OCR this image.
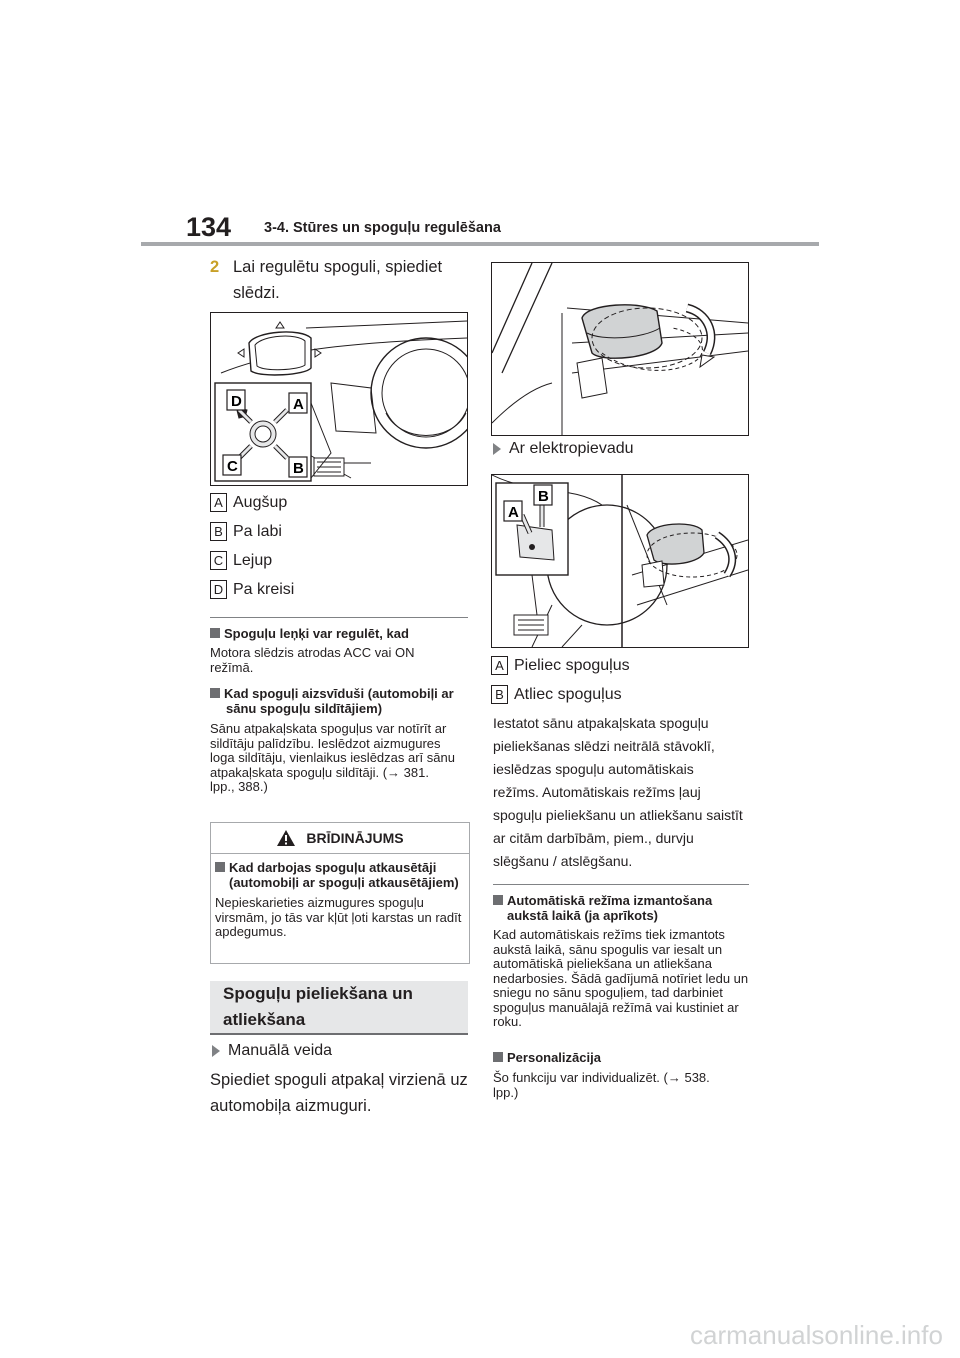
134 3-4. Stūres un spoguļu regulēšana
2 Lai regulētu spoguli, spiediet slēdzi.
D	A
C	B
A Augšup
B Pa labi
C Lejup
D Pa kreisi
Spoguļu leņķi var regulēt, kad
Motora slēdzis atrodas ACC vai ON režīmā.
Kad spoguļi aizsvīduši (automobiļi ar sānu spoguļu sildītājiem)
Sānu atpakaļskata spoguļus var notīrīt ar sildītāju palīdzību. Ieslēdzot aizmugures loga sildītāju, vienlaikus ieslēdzas arī sānu atpakaļskata spoguļu sildītāji. (→ 381. lpp., 388.)
BRĪDINĀJUMS
Kad darbojas spoguļu atkausētāji (automobiļi ar spoguļi atkausētājiem)
Nepieskarieties aizmugures spoguļu virsmām, jo tās var kļūt ļoti karstas un radīt apdegumus.
Spoguļu pieliekšana un atliekšana
Manuālā veida
Spiediet spoguli atpakaļ virzienā uz automobiļa aizmuguri.
Ar elektropievadu
A
B
A Pieliec spoguļus
B Atliec spoguļus
Iestatot sānu atpakaļskata spoguļu pieliekšanas slēdzi neitrālā stāvoklī, ieslēdzas spoguļu automātiskais režīms. Automātiskais režīms ļauj spoguļu pieliekšanu un atliekšanu saistīt ar citām darbībām, piem., durvju slēgšanu / atslēgšanu.
Automātiskā režīma izmantošana aukstā laikā (ja aprīkots)
Kad automātiskais režīms tiek izmantots aukstā laikā, sānu spogulis var iesalt un automātiskā pieliekšana un atliekšana nedarbosies. Šādā gadījumā notīriet ledu un sniegu no sānu spoguļiem, tad darbiniet spoguļus manuālajā režīmā vai kustiniet ar roku.
Personalizācija
Šo funkciju var individualizēt. (→ 538. lpp.)
carmanualsonline.info
